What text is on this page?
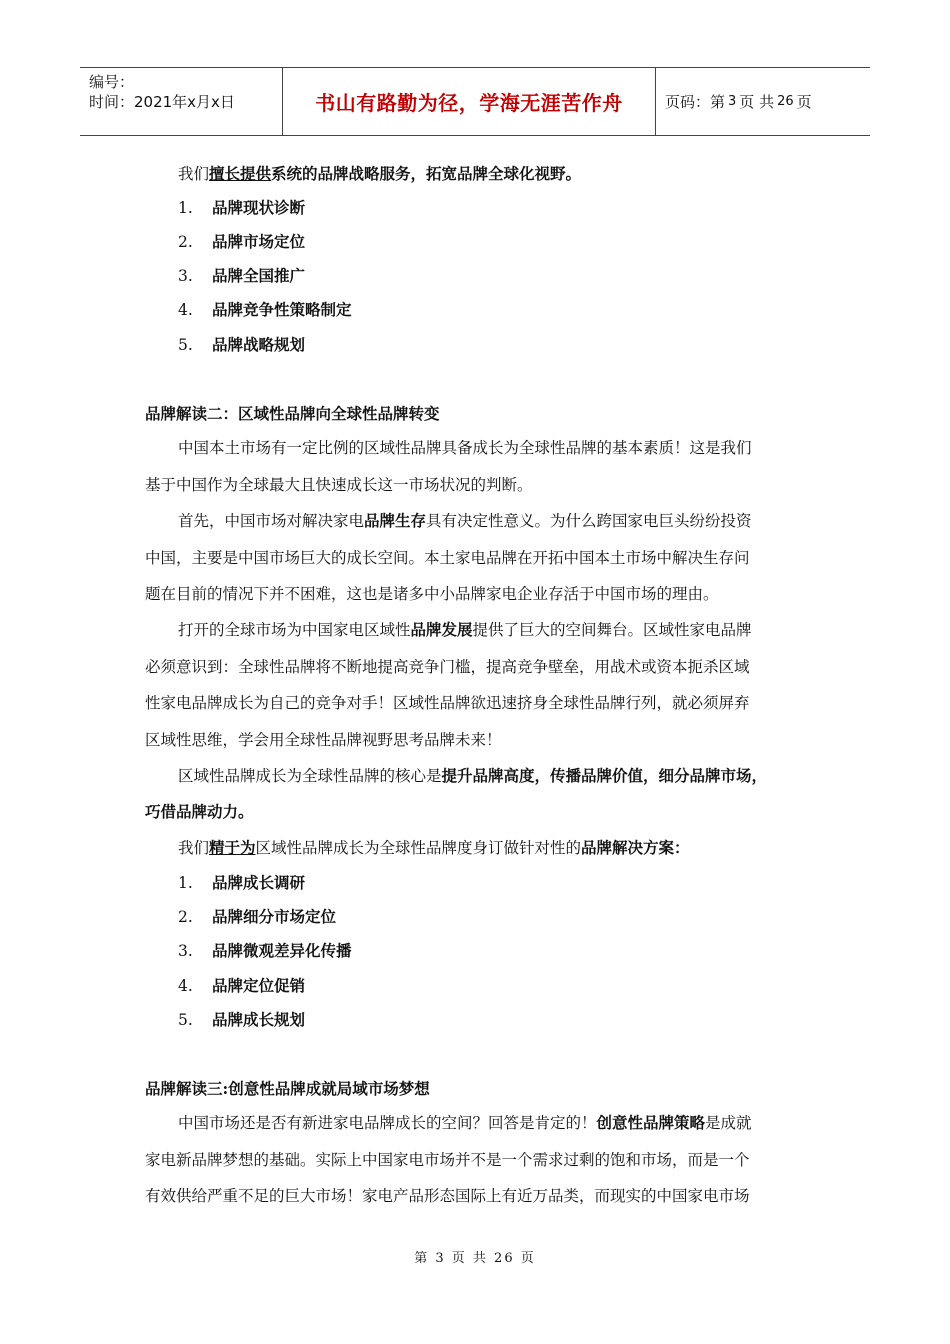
编号：
时间：2021年x月x日	书山有路勤为径，学海无涯苦作舟	页码：第 3 页 共 26 页
我们擅长提供系统的品牌战略服务，拓宽品牌全球化视野。
1. 品牌现状诊断
2. 品牌市场定位
3. 品牌全国推广
4. 品牌竞争性策略制定
5. 品牌战略规划
品牌解读二：区域性品牌向全球性品牌转变
中国本土市场有一定比例的区域性品牌具备成长为全球性品牌的基本素质！这是我们
基于中国作为全球最大且快速成长这一市场状况的判断。
首先，中国市场对解决家电品牌生存具有决定性意义。为什么跨国家电巨头纷纷投资
中国，主要是中国市场巨大的成长空间。本土家电品牌在开拓中国本土市场中解决生存问
题在目前的情况下并不困难，这也是诸多中小品牌家电企业存活于中国市场的理由。
打开的全球市场为中国家电区域性品牌发展提供了巨大的空间舞台。区域性家电品牌
必须意识到：全球性品牌将不断地提高竞争门槛，提高竞争壁垒，用战术或资本扼杀区域
性家电品牌成长为自己的竞争对手！区域性品牌欲迅速挤身全球性品牌行列，就必须屏弃
区域性思维，学会用全球性品牌视野思考品牌未来！
区域性品牌成长为全球性品牌的核心是提升品牌高度，传播品牌价值，细分品牌市场，
巧借品牌动力。
我们精于为区域性品牌成长为全球性品牌度身订做针对性的品牌解决方案：
1. 品牌成长调研
2. 品牌细分市场定位
3. 品牌微观差异化传播
4. 品牌定位促销
5. 品牌成长规划
品牌解读三:创意性品牌成就局域市场梦想
中国市场还是否有新进家电品牌成长的空间？回答是肯定的！创意性品牌策略是成就
家电新品牌梦想的基础。实际上中国家电市场并不是一个需求过剩的饱和市场，而是一个
有效供给严重不足的巨大市场！家电产品形态国际上有近万品类，而现实的中国家电市场
第 3 页 共 26 页
